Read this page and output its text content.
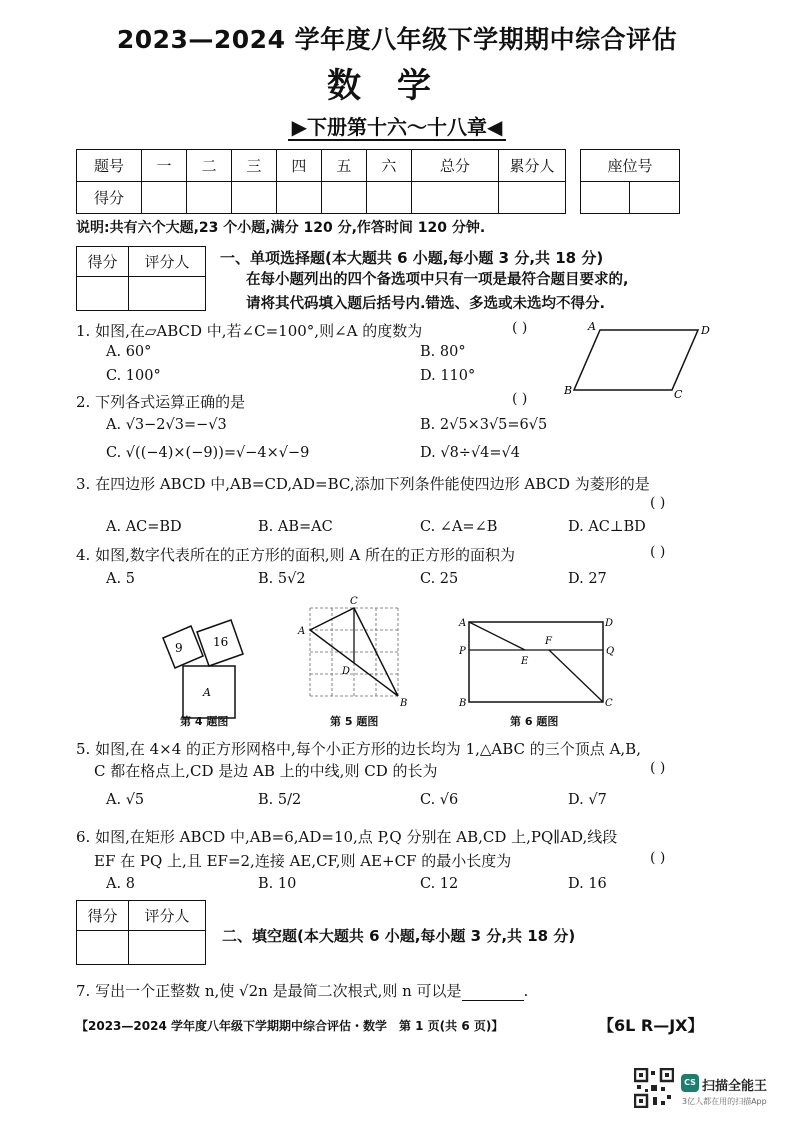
2023—2024 学年度八年级下学期期中综合评估
数学
▶下册第十六～十八章◀
题号	一	二	三	四	五	六	总分	累分人
得分								
座位号

说明:共有六个大题,23 个小题,满分 120 分,作答时间 120 分钟.
得分	评分人
	一、单项选择题(本大题共 6 小题,每小题 3 分,共 18 分)
在每小题列出的四个备选项中只有一项是最符合题目要求的,
请将其代码填入题后括号内.错选、多选或未选均不得分.
1. 如图,在▱ABCD 中,若∠C=100°,则∠A 的度数为	( )
A. 60°	B. 80°
C. 100°	D. 110°
A	D
B	C
2. 下列各式运算正确的是	( )
A. √3−2√3=−√3	B. 2√5×3√5=6√5
C. √((−4)×(−9))=√−4×√−9	D. √8÷√4=√4
3. 在四边形 ABCD 中,AB=CD,AD=BC,添加下列条件能使四边形 ABCD 为菱形的是
( )
A. AC=BD	B. AB=AC	C. ∠A=∠B	D. AC⊥BD
4. 如图,数字代表所在的正方形的面积,则 A 所在的正方形的面积为	( )
A. 5	B. 5√2	C. 25	D. 27
9	16
A
第 4 题图
A
C
B
D
第 5 题图
A	D
B	C
P	Q
E
F
第 6 题图
5. 如图,在 4×4 的正方形网格中,每个小正方形的边长均为 1,△ABC 的三个顶点 A,B,
C 都在格点上,CD 是边 AB 上的中线,则 CD 的长为	( )
A. √5	B. 5/2	C. √6	D. √7
6. 如图,在矩形 ABCD 中,AB=6,AD=10,点 P,Q 分别在 AB,CD 上,PQ∥AD,线段
EF 在 PQ 上,且 EF=2,连接 AE,CF,则 AE+CF 的最小长度为	( )
A. 8	B. 10	C. 12	D. 16
得分	评分人

二、填空题(本大题共 6 小题,每小题 3 分,共 18 分)
7. 写出一个正整数 n,使 √2n 是最简二次根式,则 n 可以是	.
【2023—2024 学年度八年级下学期期中综合评估・数学　第 1 页(共 6 页)】	【6L R—JX】
CS 扫描全能王
3亿人都在用的扫描App
